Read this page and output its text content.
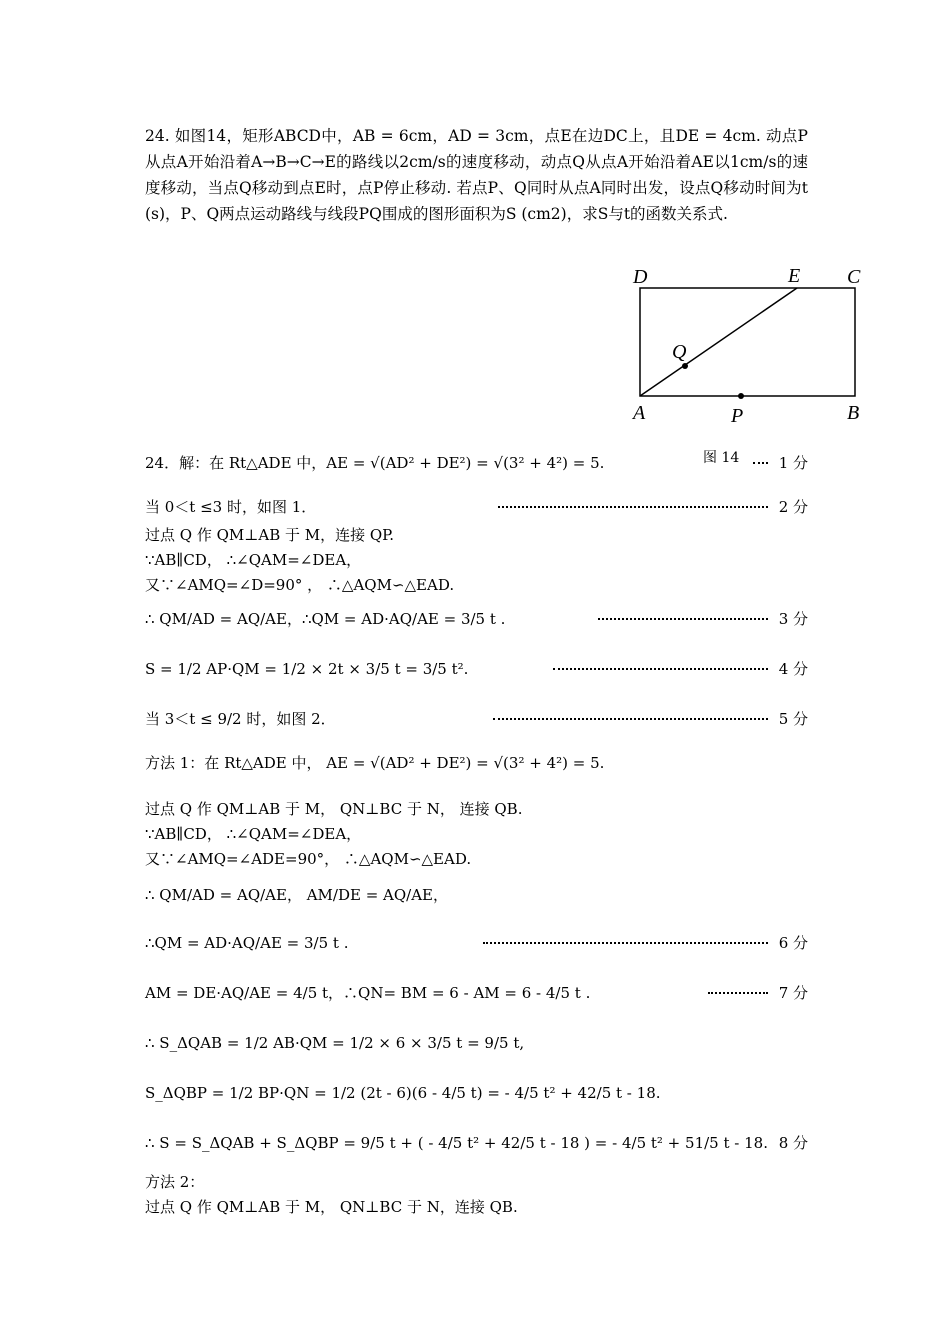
24. 如图14，矩形ABCD中，AB = 6cm，AD = 3cm，点E在边DC上，且DE = 4cm. 动点P从点A开始沿着A→B→C→E的路线以2cm/s的速度移动，动点Q从点A开始沿着AE以1cm/s的速度移动，当点Q移动到点E时，点P停止移动. 若点P、Q同时从点A同时出发，设点Q移动时间为t (s)，P、Q两点运动路线与线段PQ围成的图形面积为S (cm2)，求S与t的函数关系式.
D	E C
Q
A	P	B
图 14
24．解：在 Rt△ADE 中，AE = √(AD² + DE²) = √(3² + 4²) = 5.	1 分
当 0＜t ≤3 时，如图 1．	2 分
过点 Q 作 QM⊥AB 于 M，连接 QP.
∵AB∥CD， ∴∠QAM=∠DEA，
又∵∠AMQ=∠D=90° ， ∴△AQM∽△EAD.
∴ QM/AD = AQ/AE，∴QM = AD·AQ/AE = 3/5 t .	3 分
S = 1/2 AP·QM = 1/2 × 2t × 3/5 t = 3/5 t².	4 分
当 3＜t ≤ 9/2 时，如图 2．	5 分
方法 1：在 Rt△ADE 中， AE = √(AD² + DE²) = √(3² + 4²) = 5.
过点 Q 作 QM⊥AB 于 M， QN⊥BC 于 N， 连接 QB.
∵AB∥CD， ∴∠QAM=∠DEA，
又∵∠AMQ=∠ADE=90°， ∴△AQM∽△EAD.
∴ QM/AD = AQ/AE， AM/DE = AQ/AE，
∴QM = AD·AQ/AE = 3/5 t .	6 分
AM = DE·AQ/AE = 4/5 t，∴QN= BM = 6 - AM = 6 - 4/5 t .	7 分
∴ S_ΔQAB = 1/2 AB·QM = 1/2 × 6 × 3/5 t = 9/5 t,
S_ΔQBP = 1/2 BP·QN = 1/2 (2t - 6)(6 - 4/5 t) = - 4/5 t² + 42/5 t - 18.
∴ S = S_ΔQAB + S_ΔQBP = 9/5 t + ( - 4/5 t² + 42/5 t - 18 ) = - 4/5 t² + 51/5 t - 18. 8 分
方法 2：
过点 Q 作 QM⊥AB 于 M， QN⊥BC 于 N，连接 QB.
